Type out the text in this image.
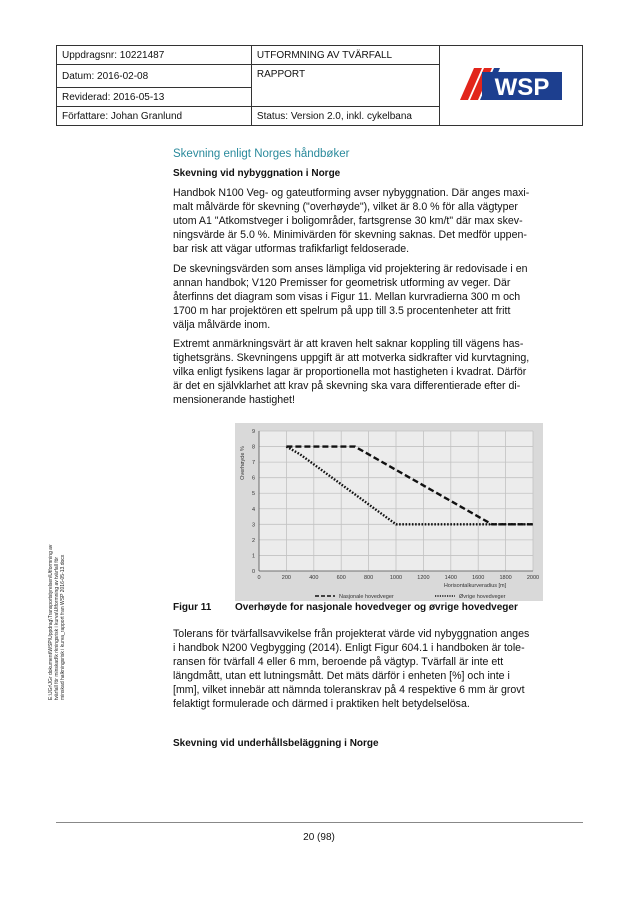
Uppdragsnr: 10221487	UTFORMNING AV TVÄRFALL	WSP

Datum: 2016-02-08	RAPPORT	
Reviderad: 2016-05-13		
Författare: Johan Granlund	Status: Version 2.0, inkl. cykelbana	
E:\JGr\JGr dokument\WSP\Uppdrag\Transportstyrelsen\Utformning av tvärfall för minskad\k rkningsrisk i kurva\Utformning av tvärfall för minskad halkningsrisk i kurva_rapport fran WSP 2016-05-13.docx
Skevning enligt Norges håndbøker
Skevning vid nybyggnation i Norge
Handbok N100 Veg- og gateutforming avser nybyggnation. Där anges maxi-
malt målvärde för skevning ("overhøyde"), vilket är 8.0 % för alla vägtyper
utom A1 "Atkomstveger i boligområder, fartsgrense 30 km/t" där max skev-
ningsvärde är 5.0 %. Minimivärden för skevning saknas. Det medför uppen-
bar risk att vägar utformas trafikfarligt feldoserade.
De skevningsvärden som anses lämpliga vid projektering är redovisade i en
annan handbok; V120 Premisser for geometrisk utforming av veger. Där
återfinns det diagram som visas i Figur 11. Mellan kurvradierna 300 m och
1700 m har projektören ett spelrum på upp till 3.5 procentenheter att fritt
välja målvärde inom.
Extremt anmärkningsvärt är att kraven helt saknar koppling till vägens has-
tighetsgräns. Skevningens uppgift är att motverka sidkrafter vid kurvtagning,
vilka enligt fysikens lagar är proportionella mot hastigheten i kvadrat. Därför
är det en självklarhet att krav på skevning ska vara differentierade efter di-
mensionerande hastighet!
0	200	400	600	800	1000	1200	1400	1600	1800	2000
0
1
2
3
4
5
6
7
8
9
Overhøyde %
Horisontalkurveradius [m]
Nasjonale hovedveger	Øvrige hovedveger
Figur 11 Overhøyde for nasjonale hovedveger og øvrige hovedveger
Tolerans för tvärfallsavvikelse från projekterat värde vid nybyggnation anges
i handbok N200 Vegbygging (2014). Enligt Figur 604.1 i handboken är tole-
ransen för tvärfall 4 eller 6 mm, beroende på vägtyp. Tvärfall är inte ett
längdmått, utan ett lutningsmått. Det mäts därför i enheten [%] och inte i
[mm], vilket innebär att nämnda toleranskrav på 4 respektive 6 mm är grovt
felaktigt formulerade och därmed i praktiken helt betydelselösa.
Skevning vid underhållsbeläggning i Norge
20 (98)
